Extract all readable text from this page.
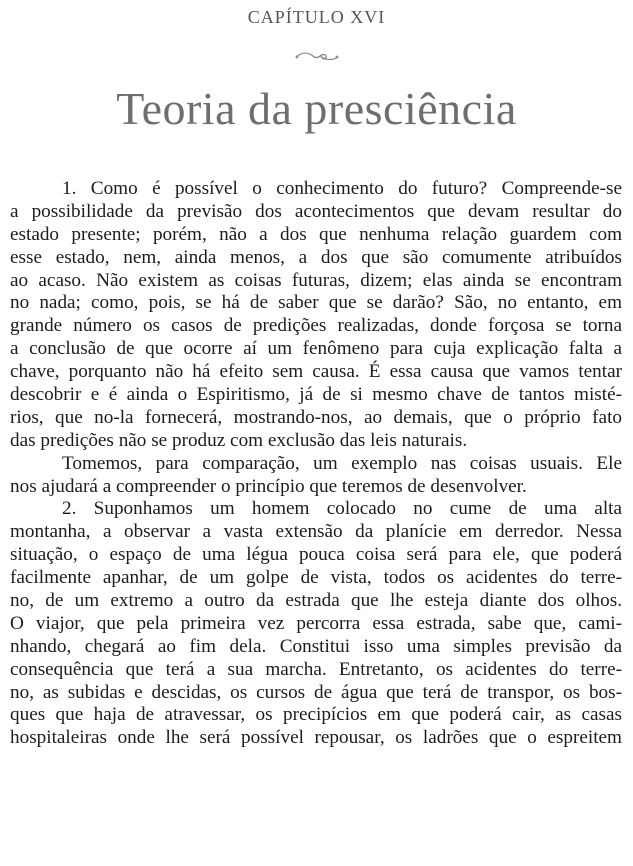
CAPÍTULO XVI
Teoria da presciência
1. Como é possível o conhecimento do futuro? Compreende-se
a possibilidade da previsão dos acontecimentos que devam resultar do
estado presente; porém, não a dos que nenhuma relação guardem com
esse estado, nem, ainda menos, a dos que são comumente atribuídos
ao acaso. Não existem as coisas futuras, dizem; elas ainda se encontram
no nada; como, pois, se há de saber que se darão? São, no entanto, em
grande número os casos de predições realizadas, donde forçosa se torna
a conclusão de que ocorre aí um fenômeno para cuja explicação falta a
chave, porquanto não há efeito sem causa. É essa causa que vamos tentar
descobrir e é ainda o Espiritismo, já de si mesmo chave de tantos misté-
rios, que no-la fornecerá, mostrando-nos, ao demais, que o próprio fato
das predições não se produz com exclusão das leis naturais.
Tomemos, para comparação, um exemplo nas coisas usuais. Ele
nos ajudará a compreender o princípio que teremos de desenvolver.
2. Suponhamos um homem colocado no cume de uma alta
montanha, a observar a vasta extensão da planície em derredor. Nessa
situação, o espaço de uma légua pouca coisa será para ele, que poderá
facilmente apanhar, de um golpe de vista, todos os acidentes do terre-
no, de um extremo a outro da estrada que lhe esteja diante dos olhos.
O viajor, que pela primeira vez percorra essa estrada, sabe que, cami-
nhando, chegará ao fim dela. Constitui isso uma simples previsão da
consequência que terá a sua marcha. Entretanto, os acidentes do terre-
no, as subidas e descidas, os cursos de água que terá de transpor, os bos-
ques que haja de atravessar, os precipícios em que poderá cair, as casas
hospitaleiras onde lhe será possível repousar, os ladrões que o espreitem
